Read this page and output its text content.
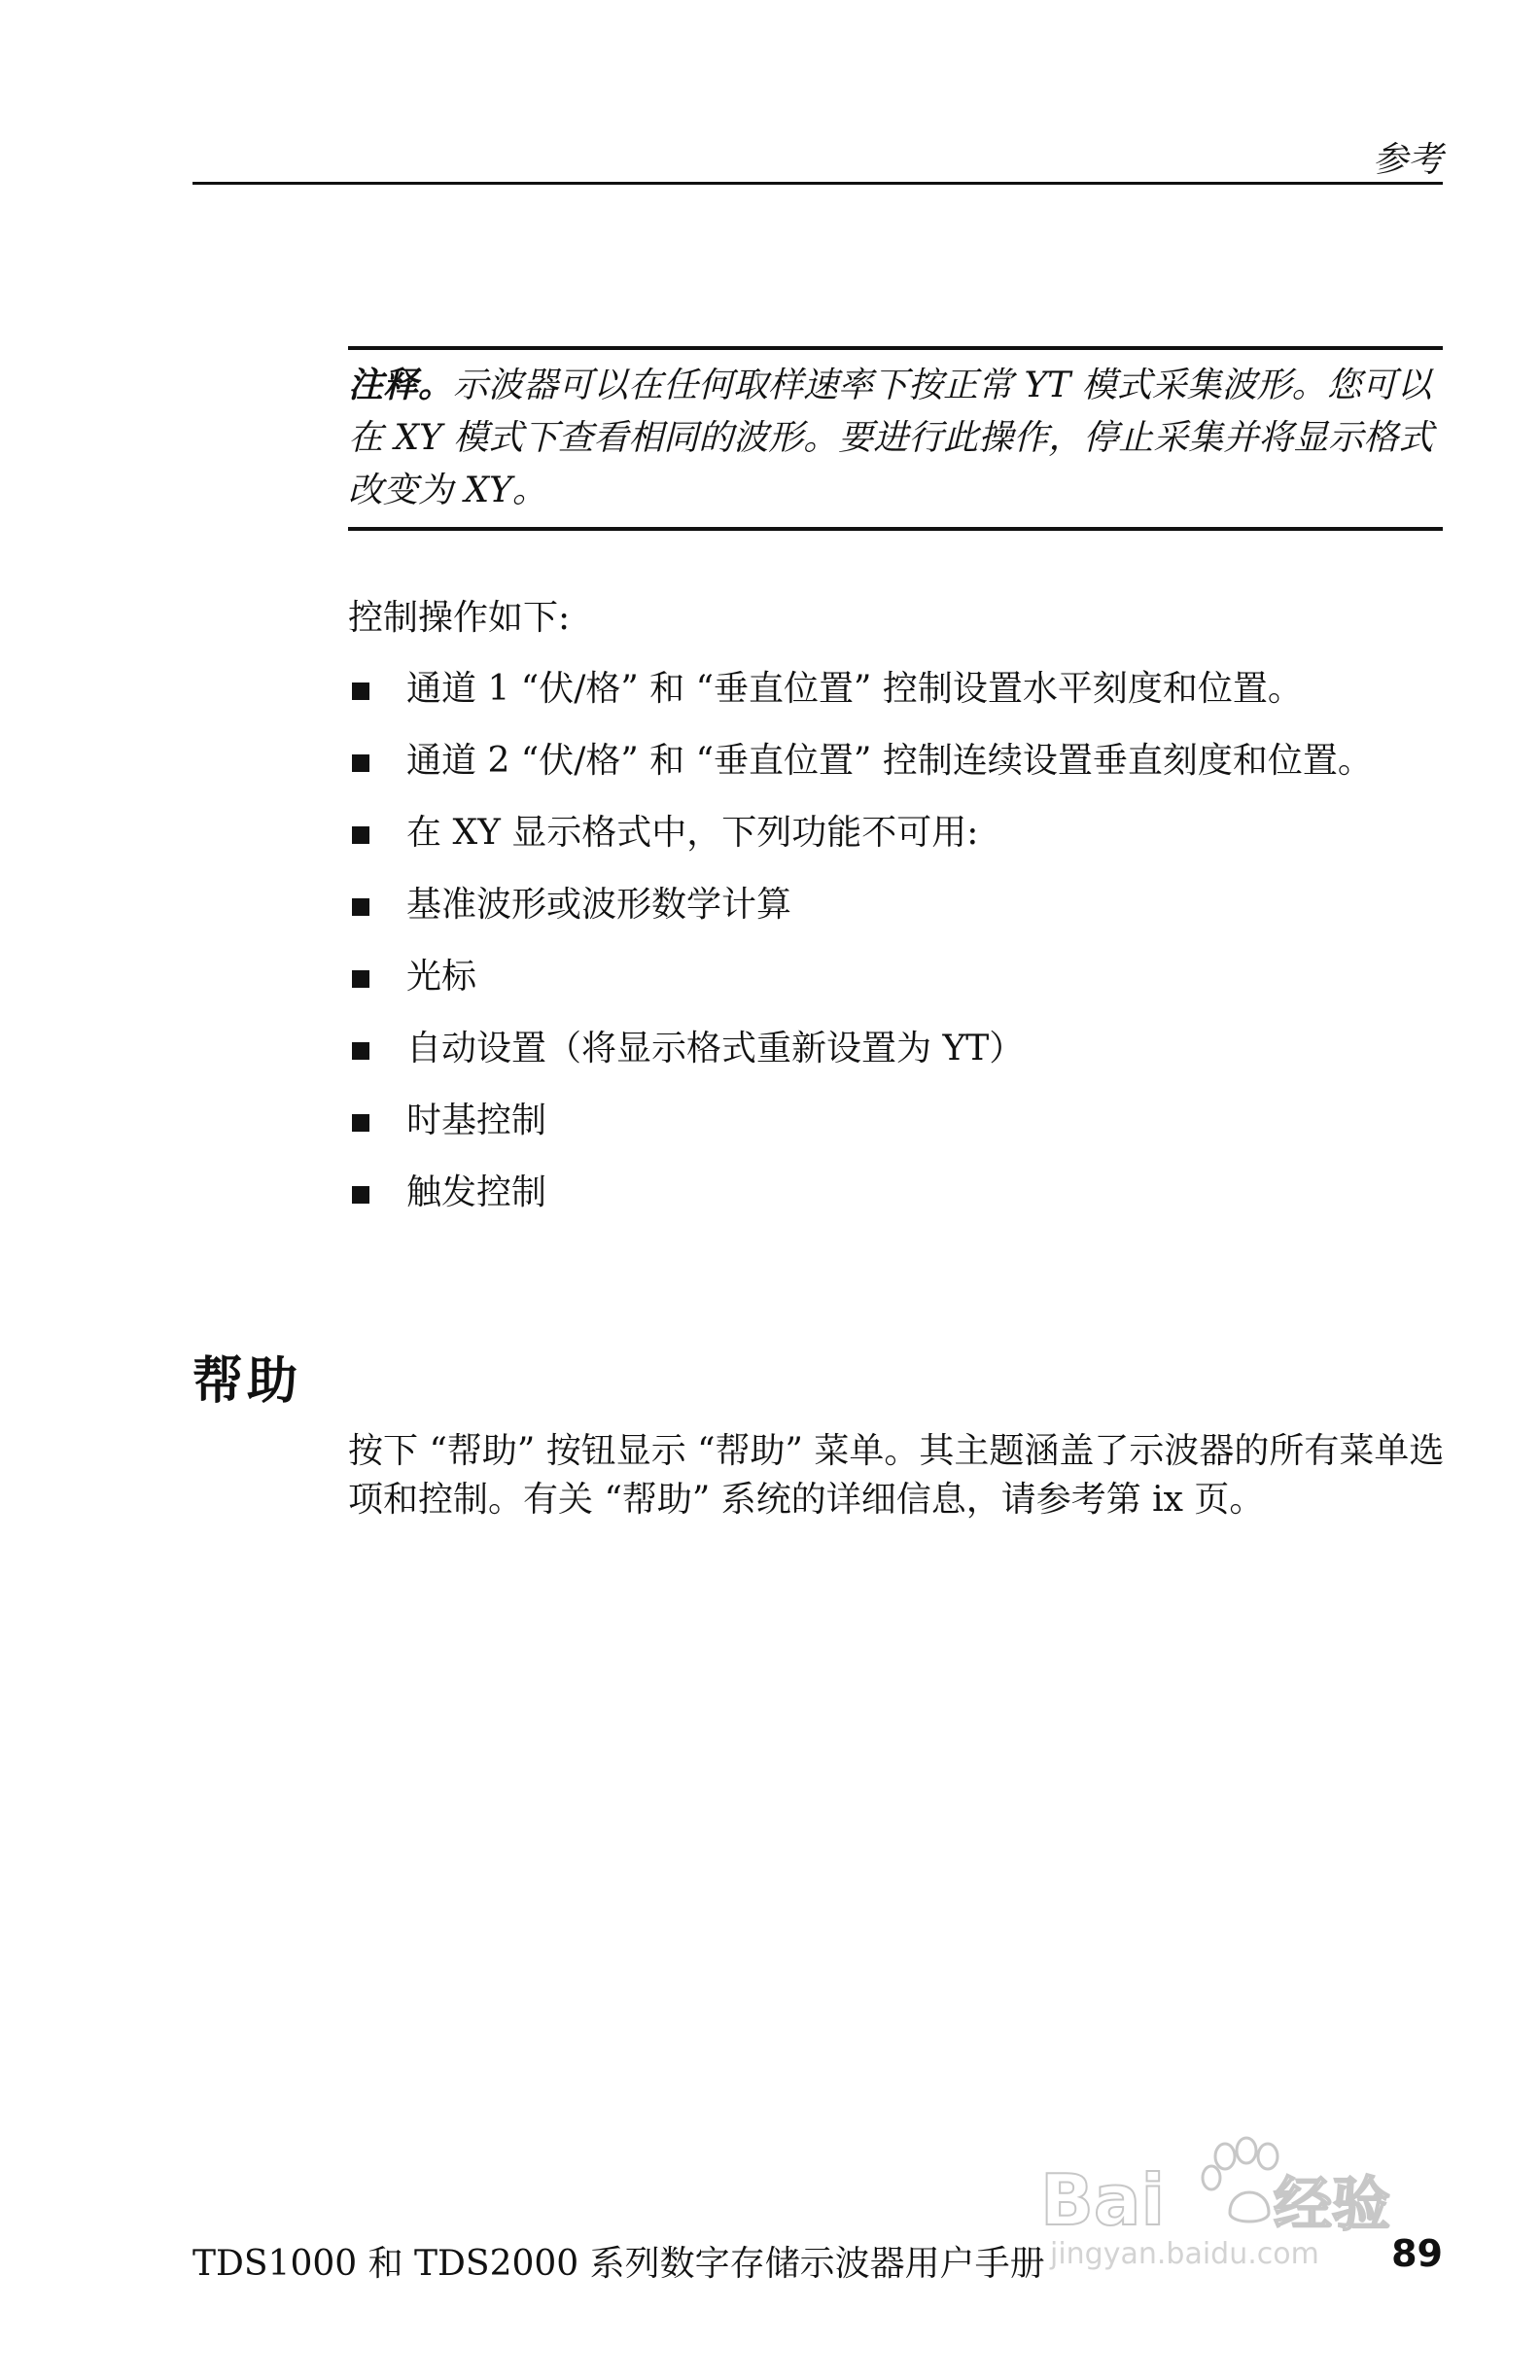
参考

注释。示波器可以在任何取样速率下按正常 YT 模式采集波形。您可以在 XY 模式下查看相同的波形。要进行此操作，停止采集并将显示格式改变为 XY。

控制操作如下:

通道 1 “伏/格” 和 “垂直位置” 控制设置水平刻度和位置。
通道 2 “伏/格” 和 “垂直位置” 控制连续设置垂直刻度和位置。
在 XY 显示格式中，下列功能不可用:
基准波形或波形数学计算
光标
自动设置（将显示格式重新设置为 YT）
时基控制
触发控制
帮助

按下 “帮助” 按钮显示 “帮助” 菜单。其主题涵盖了示波器的所有菜单选项和控制。有关 “帮助” 系统的详细信息，请参考第 ix 页。

TDS1000 和 TDS2000 系列数字存储示波器用户手册	89
Bai 经验
jingyan.baidu.com
